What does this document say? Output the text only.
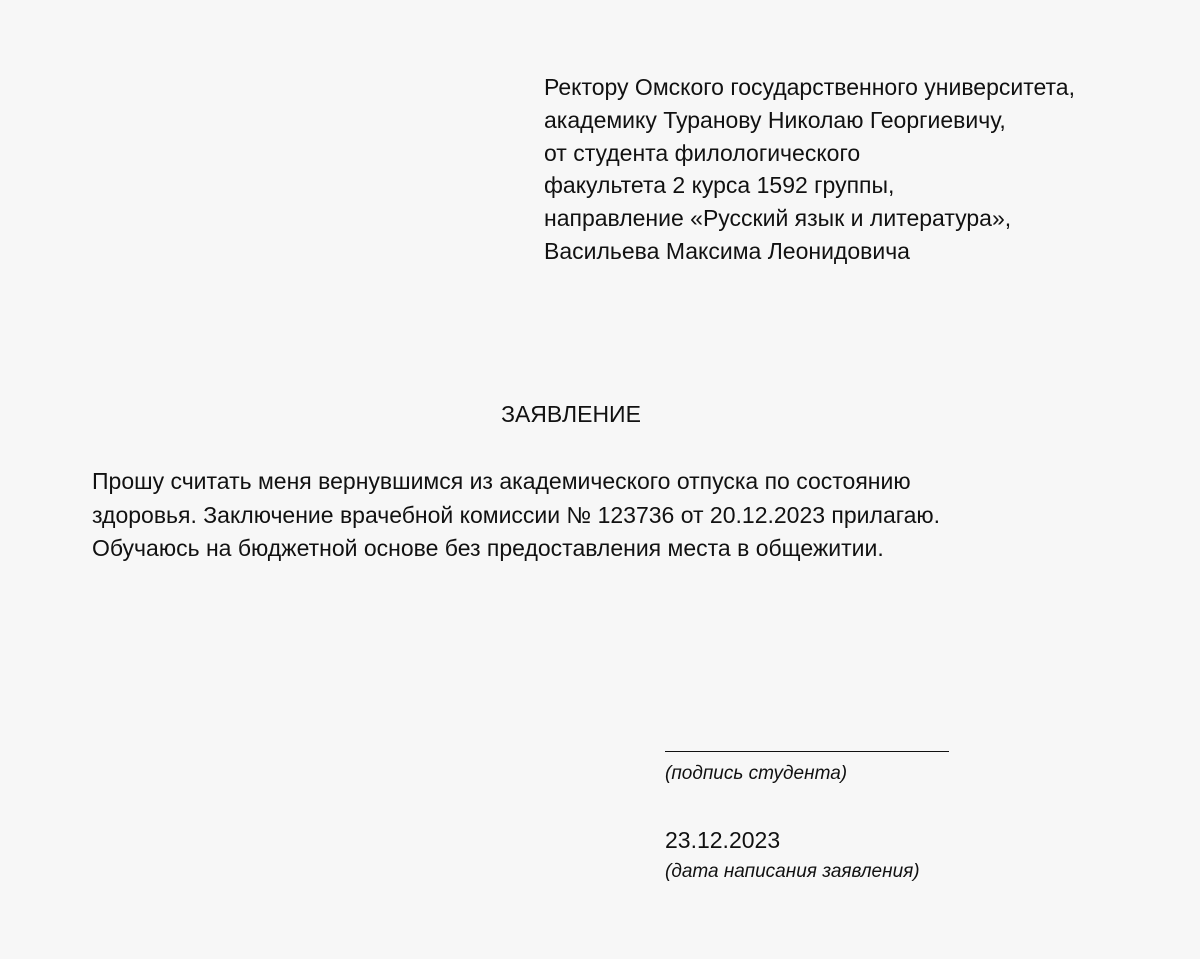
Ректору Омского государственного университета,
академику Туранову Николаю Георгиевичу,
от студента филологического
факультета 2 курса 1592 группы,
направление «Русский язык и литература»,
Васильева Максима Леонидовича
ЗАЯВЛЕНИЕ
Прошу считать меня вернувшимся из академического отпуска по состоянию
здоровья. Заключение врачебной комиссии № 123736 от 20.12.2023 прилагаю.
Обучаюсь на бюджетной основе без предоставления места в общежитии.
(подпись студента)
23.12.2023
(дата написания заявления)
